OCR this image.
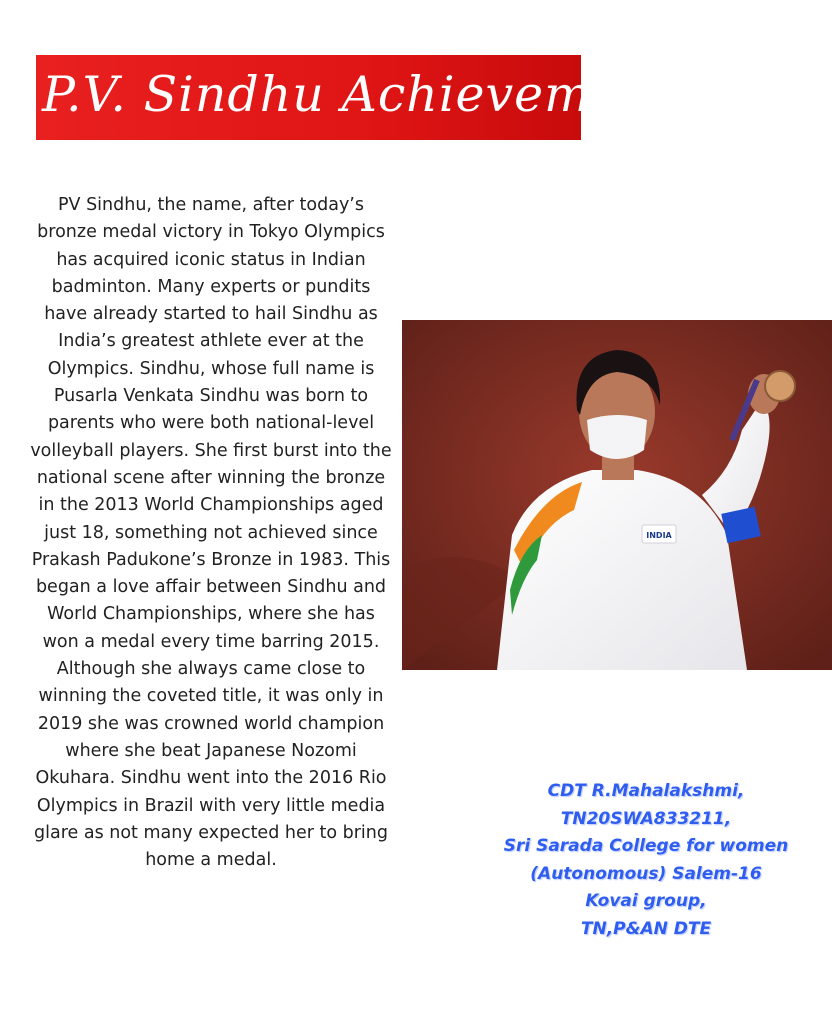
P.V. Sindhu Achievement
PV Sindhu, the name, after today’s bronze medal victory in Tokyo Olympics has acquired iconic status in Indian badminton. Many experts or pundits have already started to hail Sindhu as India’s greatest athlete ever at the Olympics. Sindhu, whose full name is Pusarla Venkata Sindhu was born to parents who were both national-level volleyball players. She first burst into the national scene after winning the bronze in the 2013 World Championships aged just 18, something not achieved since Prakash Padukone’s Bronze in 1983. This began a love affair between Sindhu and World Championships, where she has won a medal every time barring 2015. Although she always came close to winning the coveted title, it was only in 2019 she was crowned world champion where she beat Japanese Nozomi Okuhara. Sindhu went into the 2016 Rio Olympics in Brazil with very little media glare as not many expected her to bring home a medal.
INDIA
CDT R.Mahalakshmi,
TN20SWA833211,
Sri Sarada College for women
(Autonomous) Salem-16
Kovai group,
TN,P&AN DTE
